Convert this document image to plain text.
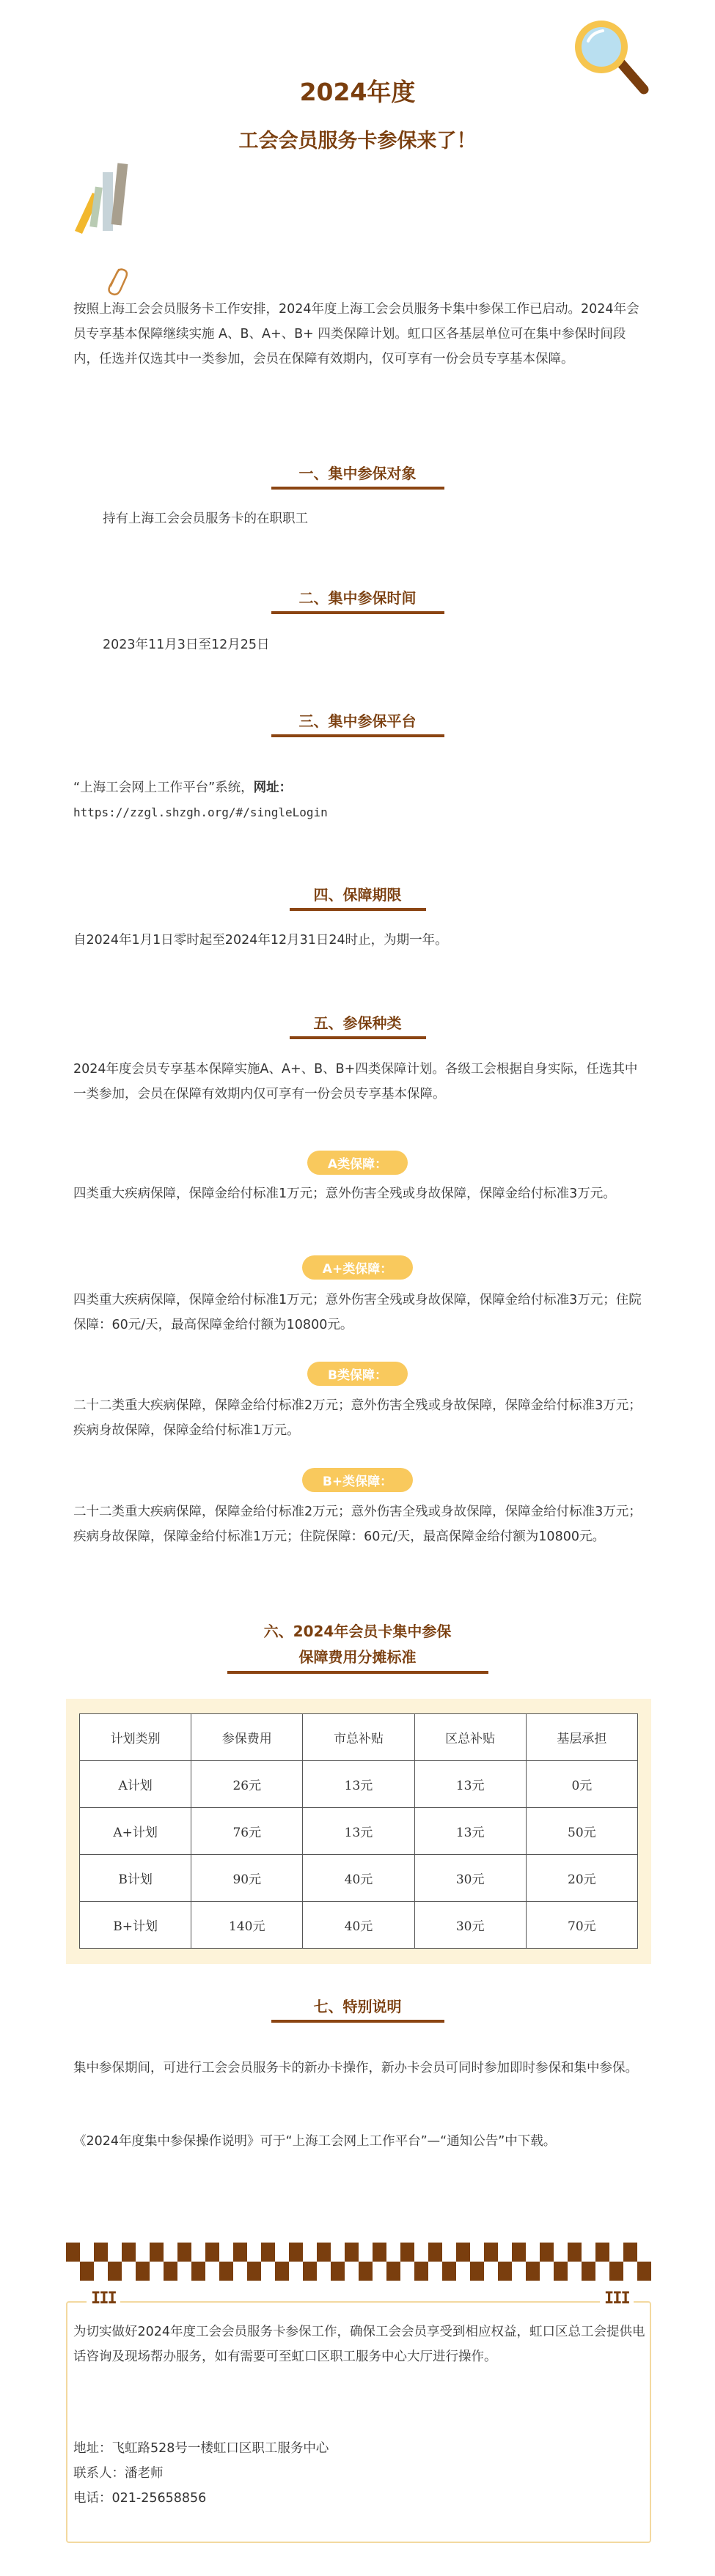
2024年度
工会会员服务卡参保来了！
按照上海工会会员服务卡工作安排，2024年度上海工会会员服务卡集中参保工作已启动。2024年会员专享基本保障继续实施 A、B、A+、B+ 四类保障计划。虹口区各基层单位可在集中参保时间段内，任选并仅选其中一类参加，会员在保障有效期内，仅可享有一份会员专享基本保障。
一、集中参保对象
持有上海工会会员服务卡的在职职工
二、集中参保时间
2023年11月3日至12月25日
三、集中参保平台
“上海工会网上工作平台”系统，网址：
https://zzgl.shzgh.org/#/singleLogin
四、保障期限
自2024年1月1日零时起至2024年12月31日24时止，为期一年。
五、参保种类
2024年度会员专享基本保障实施A、A+、B、B+四类保障计划。各级工会根据自身实际，任选其中一类参加，会员在保障有效期内仅可享有一份会员专享基本保障。
A类保障：
四类重大疾病保障，保障金给付标准1万元；意外伤害全残或身故保障，保障金给付标准3万元。
A+类保障：
四类重大疾病保障，保障金给付标准1万元；意外伤害全残或身故保障，保障金给付标准3万元；住院保障：60元/天，最高保障金给付额为10800元。
B类保障：
二十二类重大疾病保障，保障金给付标准2万元；意外伤害全残或身故保障，保障金给付标准3万元；疾病身故保障，保障金给付标准1万元。
B+类保障：
二十二类重大疾病保障，保障金给付标准2万元；意外伤害全残或身故保障，保障金给付标准3万元；疾病身故保障，保障金给付标准1万元；住院保障：60元/天，最高保障金给付额为10800元。
六、2024年会员卡集中参保
保障费用分摊标准
计划类别	参保费用	市总补贴	区总补贴	基层承担
A计划	26元	13元	13元	0元
A+计划	76元	13元	13元	50元
B计划	90元	40元	30元	20元
B+计划	140元	40元	30元	70元
七、特别说明
集中参保期间，可进行工会会员服务卡的新办卡操作，新办卡会员可同时参加即时参保和集中参保。
《2024年度集中参保操作说明》可于“上海工会网上工作平台”—“通知公告”中下载。
III	III
为切实做好2024年度工会会员服务卡参保工作，确保工会会员享受到相应权益，虹口区总工会提供电话咨询及现场帮办服务，如有需要可至虹口区职工服务中心大厅进行操作。
地址：飞虹路528号一楼虹口区职工服务中心
联系人：潘老师
电话：021-25658856
